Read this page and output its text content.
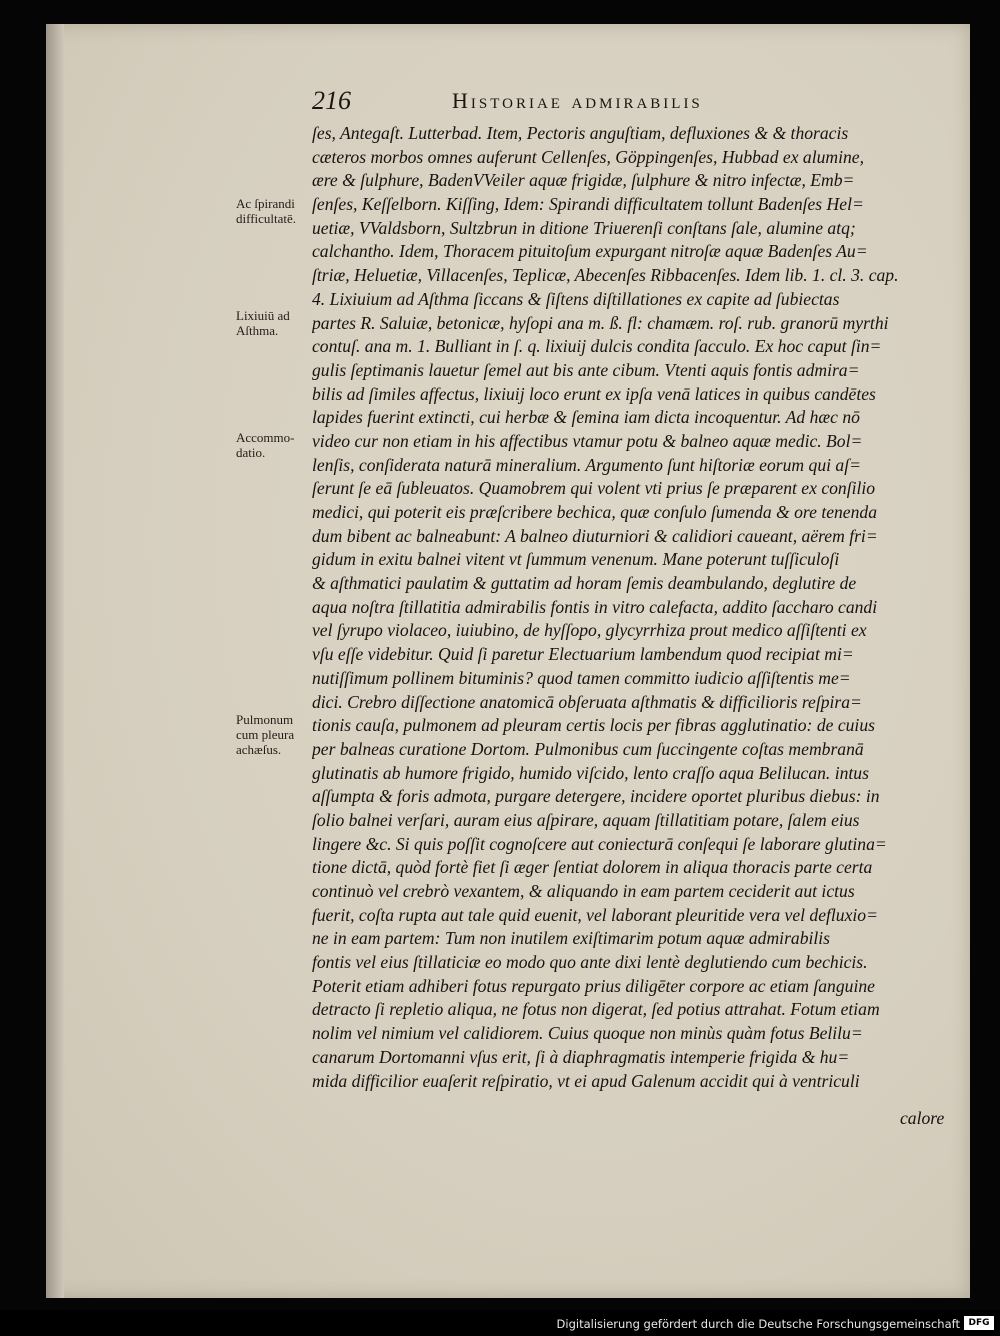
216	Historiae admirabilis
Ac ſpirandi difficultatē.
Lixiuiū ad Aſthma.
Accommo-datio.
Pulmonum cum pleura achæſus.
ſes, Antegaſt. Lutterbad. Item, Pectoris anguſtiam, defluxiones & & thoracis
cæteros morbos omnes auferunt Cellenſes, Göppingenſes, Hubbad ex alumine,
ære & ſulphure, BadenVVeiler aquæ frigidæ, ſulphure & nitro infectæ, Emb=
ſenſes, Keſſelborn. Kiſſing, Idem: Spirandi difficultatem tollunt Badenſes Hel=
uetiæ, VValdsborn, Sultzbrun in ditione Triuerenſi conſtans ſale, alumine atq;
calchantho. Idem, Thoracem pituitoſum expurgant nitroſæ aquæ Badenſes Au=
ſtriæ, Heluetiæ, Villacenſes, Teplicæ, Abecenſes Ribbacenſes. Idem lib. 1. cl. 3. cap.
4. Lixiuium ad Aſthma ſiccans & ſiſtens diſtillationes ex capite ad ſubiectas
partes R. Saluiæ, betonicæ, hyſopi ana m. ß. fl: chamæm. roſ. rub. granorū myrthi
contuſ. ana m. 1. Bulliant in ſ. q. lixiuij dulcis condita ſacculo. Ex hoc caput ſin=
gulis ſeptimanis lauetur ſemel aut bis ante cibum. Vtenti aquis fontis admira=
bilis ad ſimiles affectus, lixiuij loco erunt ex ipſa venā latices in quibus candētes
lapides fuerint extincti, cui herbæ & ſemina iam dicta incoquentur. Ad hæc nō
video cur non etiam in his affectibus vtamur potu & balneo aquæ medic. Bol=
lenſis, conſiderata naturā mineralium. Argumento ſunt hiſtoriæ eorum qui aſ=
ſerunt ſe eā ſubleuatos. Quamobrem qui volent vti prius ſe præparent ex conſilio
medici, qui poterit eis præſcribere bechica, quæ conſulo ſumenda & ore tenenda
dum bibent ac balneabunt: A balneo diuturniori & calidiori caueant, aërem fri=
gidum in exitu balnei vitent vt ſummum venenum. Mane poterunt tuſſiculoſi
& aſthmatici paulatim & guttatim ad horam ſemis deambulando, deglutire de
aqua noſtra ſtillatitia admirabilis fontis in vitro calefacta, addito ſaccharo candi
vel ſyrupo violaceo, iuiubino, de hyſſopo, glycyrrhiza prout medico aſſiſtenti ex
vſu eſſe videbitur. Quid ſi paretur Electuarium lambendum quod recipiat mi=
nutiſſimum pollinem bituminis? quod tamen committo iudicio aſſiſtentis me=
dici. Crebro diſſectione anatomicā obſeruata aſthmatis & difficilioris reſpira=
tionis cauſa, pulmonem ad pleuram certis locis per fibras agglutinatio: de cuius
per balneas curatione Dortom. Pulmonibus cum ſuccingente coſtas membranā
glutinatis ab humore frigido, humido viſcido, lento craſſo aqua Belilucan. intus
aſſumpta & foris admota, purgare detergere, incidere oportet pluribus diebus: in
ſolio balnei verſari, auram eius aſpirare, aquam ſtillatitiam potare, ſalem eius
lingere &c. Si quis poſſit cognoſcere aut coniecturā conſequi ſe laborare glutina=
tione dictā, quòd fortè fiet ſi æger ſentiat dolorem in aliqua thoracis parte certa
continuò vel crebrò vexantem, & aliquando in eam partem ceciderit aut ictus
fuerit, coſta rupta aut tale quid euenit, vel laborant pleuritide vera vel defluxio=
ne in eam partem: Tum non inutilem exiſtimarim potum aquæ admirabilis
fontis vel eius ſtillaticiæ eo modo quo ante dixi lentè deglutiendo cum bechicis.
Poterit etiam adhiberi fotus repurgato prius diligēter corpore ac etiam ſanguine
detracto ſi repletio aliqua, ne fotus non digerat, ſed potius attrahat. Fotum etiam
nolim vel nimium vel calidiorem. Cuius quoque non minùs quàm fotus Belilu=
canarum Dortomanni vſus erit, ſi à diaphragmatis intemperie frigida & hu=
mida difficilior euaſerit reſpiratio, vt ei apud Galenum accidit qui à ventriculi
calore
Digitalisierung gefördert durch die Deutsche Forschungsgemeinschaft DFG
